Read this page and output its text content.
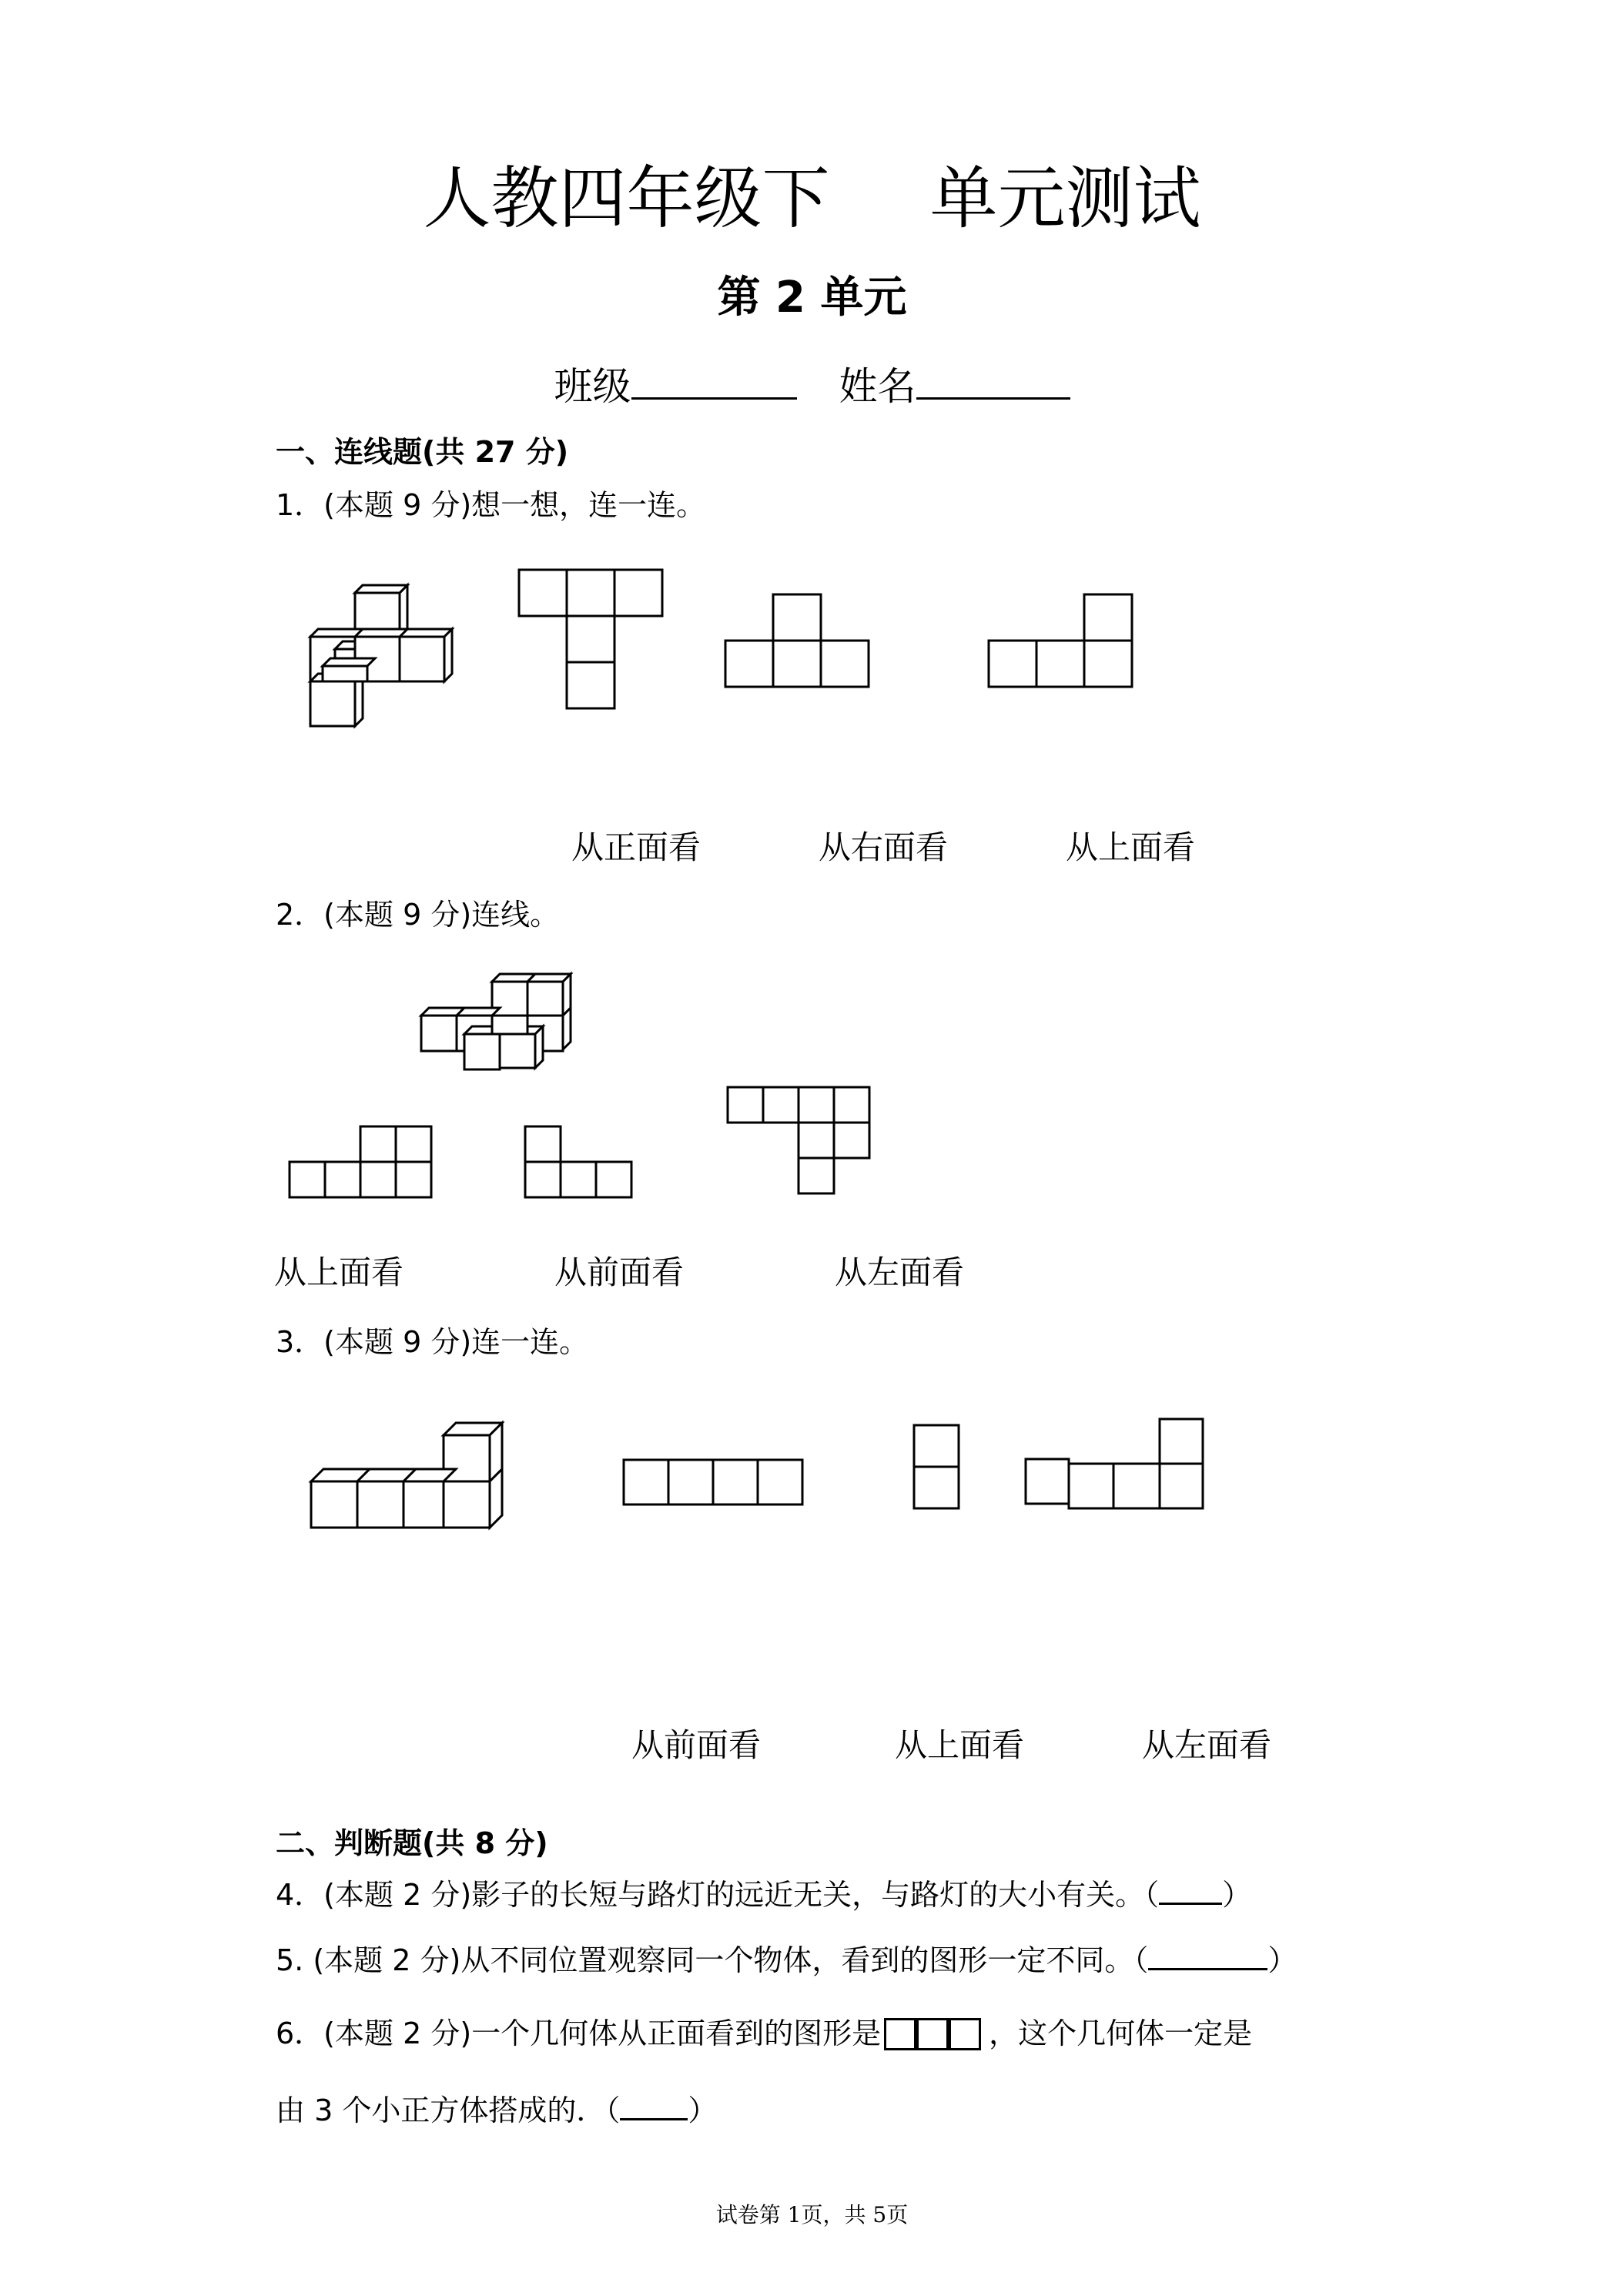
人教四年级下 单元测试
第 2 单元
班级	姓名
一、连线题(共 27 分)
1．(本题 9 分)想一想，连一连。
从正面看	从右面看	从上面看
2．(本题 9 分)连线。
从上面看	从前面看	从左面看
3．(本题 9 分)连一连。
从前面看	从上面看	从左面看
二、判断题(共 8 分)
4．(本题 2 分)影子的长短与路灯的远近无关，与路灯的大小有关。（ ）
5. (本题 2 分)从不同位置观察同一个物体，看到的图形一定不同。（	）
6．(本题 2 分)一个几何体从正面看到的图形是	，这个几何体一定是
由 3 个小正方体搭成的．（ ）
试卷第 1页，共 5页
